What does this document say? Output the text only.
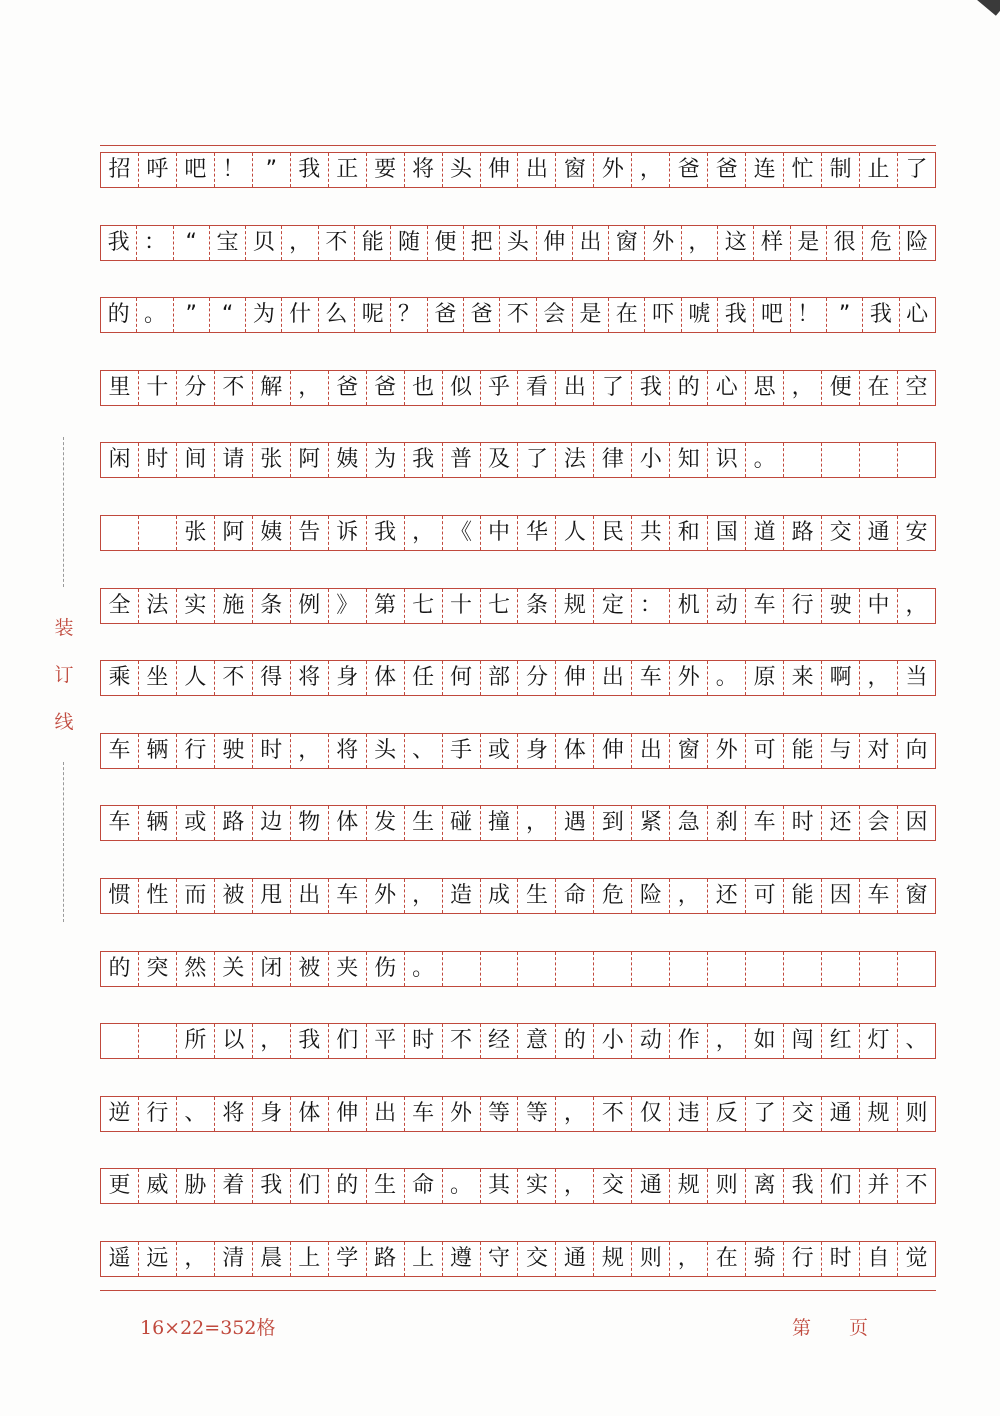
装
订
线
招 呼 吧 ！ ” 我 正 要 将 头 伸 出 窗 外 ， 爸 爸 连 忙 制 止 了
我 ： “ 宝 贝 ， 不 能 随 便 把 头 伸 出 窗 外 ， 这 样 是 很 危 险
的 。 ”	“ 为 什 么 呢 ？ 爸 爸 不 会 是 在 吓 唬 我 吧 ！ ” 我 心
里 十 分 不 解 ， 爸 爸 也 似 乎 看 出 了 我 的 心 思 ， 便 在 空
闲 时 间 请 张 阿 姨 为 我 普 及 了 法 律 小 知 识 。
张 阿 姨 告 诉 我 ， 《 中 华 人 民 共 和 国 道 路 交 通 安
全 法 实 施 条 例 》 第 七 十 七 条 规 定 ： 机 动 车 行 驶 中 ，
乘 坐 人 不 得 将 身 体 任 何 部 分 伸 出 车 外 。 原 来 啊 ， 当
车 辆 行 驶 时 ， 将 头 、 手 或 身 体 伸 出 窗 外 可 能 与 对 向
车 辆 或 路 边 物 体 发 生 碰 撞 ， 遇 到 紧 急 刹 车 时 还 会 因
惯 性 而 被 甩 出 车 外 ， 造 成 生 命 危 险 ， 还 可 能 因 车 窗
的 突 然 关 闭 被 夹 伤 。
所 以 ， 我 们 平 时 不 经 意 的 小 动 作 ， 如 闯 红 灯 、
逆 行 、 将 身 体 伸 出 车 外 等 等 ， 不 仅 违 反 了 交 通 规 则
更 威 胁 着 我 们 的 生 命 。 其 实 ， 交 通 规 则 离 我 们 并 不
遥 远 ， 清 晨 上 学 路 上 遵 守 交 通 规 则 ， 在 骑 行 时 自 觉
16×22=352格	第　　页
